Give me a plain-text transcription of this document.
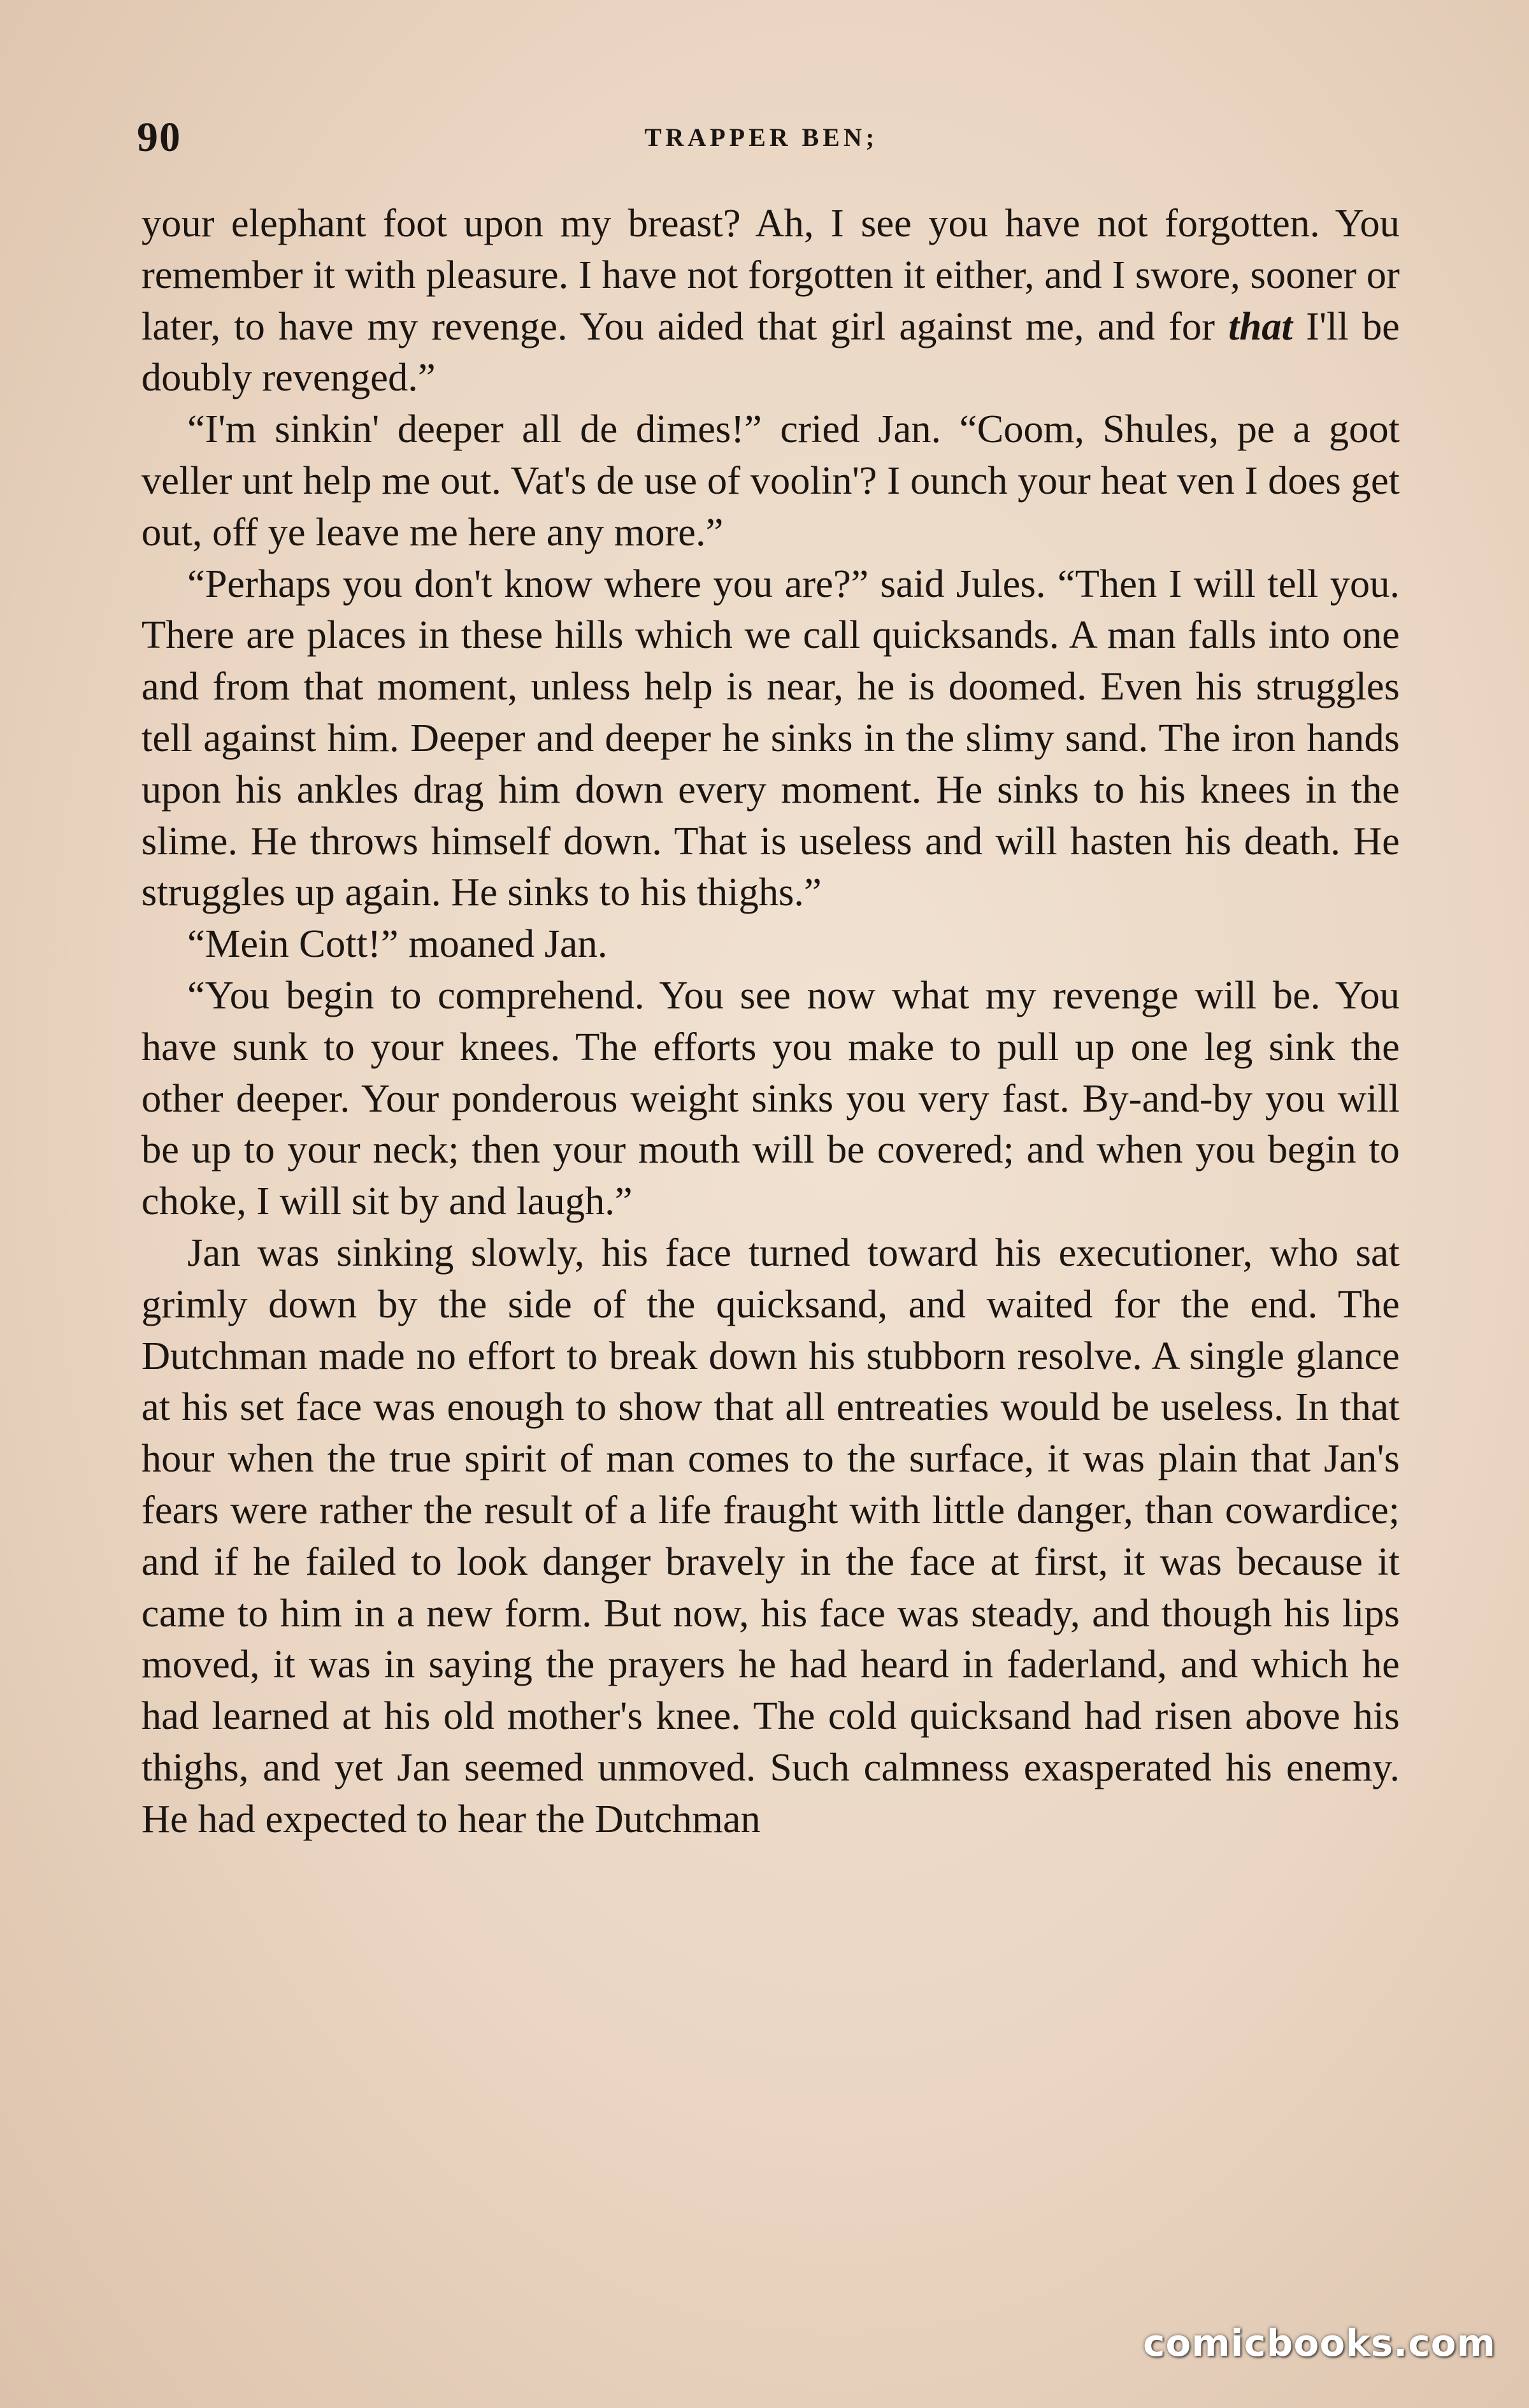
90	TRAPPER BEN;

your elephant foot upon my breast? Ah, I see you have not forgotten. You remember it with pleasure. I have not forgotten it either, and I swore, sooner or later, to have my revenge. You aided that girl against me, and for that I'll be doubly revenged.”

“I'm sinkin' deeper all de dimes!” cried Jan. “Coom, Shules, pe a goot veller unt help me out. Vat's de use of voolin'? I ounch your heat ven I does get out, off ye leave me here any more.”

“Perhaps you don't know where you are?” said Jules. “Then I will tell you. There are places in these hills which we call quicksands. A man falls into one and from that moment, unless help is near, he is doomed. Even his struggles tell against him. Deeper and deeper he sinks in the slimy sand. The iron hands upon his ankles drag him down every moment. He sinks to his knees in the slime. He throws himself down. That is useless and will hasten his death. He struggles up again. He sinks to his thighs.”

“Mein Cott!” moaned Jan.

“You begin to comprehend. You see now what my revenge will be. You have sunk to your knees. The efforts you make to pull up one leg sink the other deeper. Your ponderous weight sinks you very fast. By-and-by you will be up to your neck; then your mouth will be covered; and when you begin to choke, I will sit by and laugh.”

Jan was sinking slowly, his face turned toward his executioner, who sat grimly down by the side of the quicksand, and waited for the end. The Dutchman made no effort to break down his stubborn resolve. A single glance at his set face was enough to show that all entreaties would be useless. In that hour when the true spirit of man comes to the surface, it was plain that Jan's fears were rather the result of a life fraught with little danger, than cowardice; and if he failed to look danger bravely in the face at first, it was because it came to him in a new form. But now, his face was steady, and though his lips moved, it was in saying the prayers he had heard in faderland, and which he had learned at his old mother's knee. The cold quicksand had risen above his thighs, and yet Jan seemed unmoved. Such calmness exasperated his enemy. He had expected to hear the Dutchman

comicbooks.com
